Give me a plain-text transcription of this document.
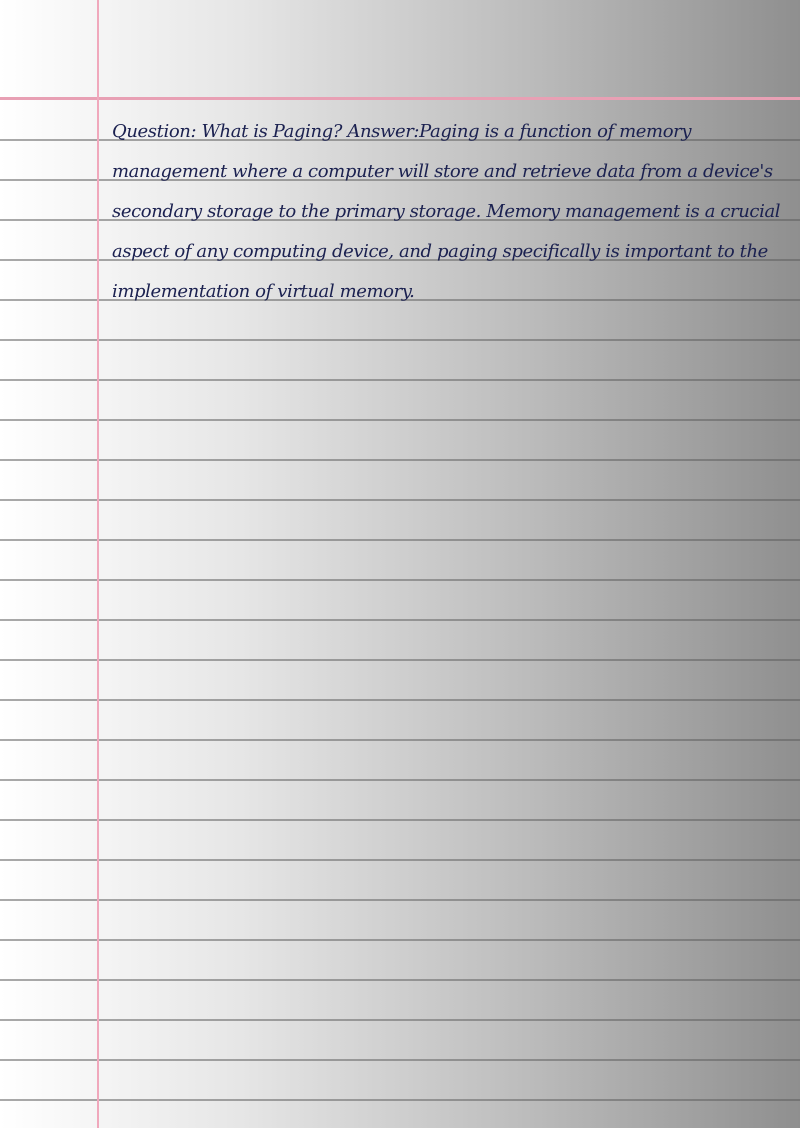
Question: What is Paging? Answer:Paging is a function of memory management where a computer will store and retrieve data from a device's secondary storage to the primary storage. Memory management is a crucial aspect of any computing device, and paging specifically is important to the implementation of virtual memory.
